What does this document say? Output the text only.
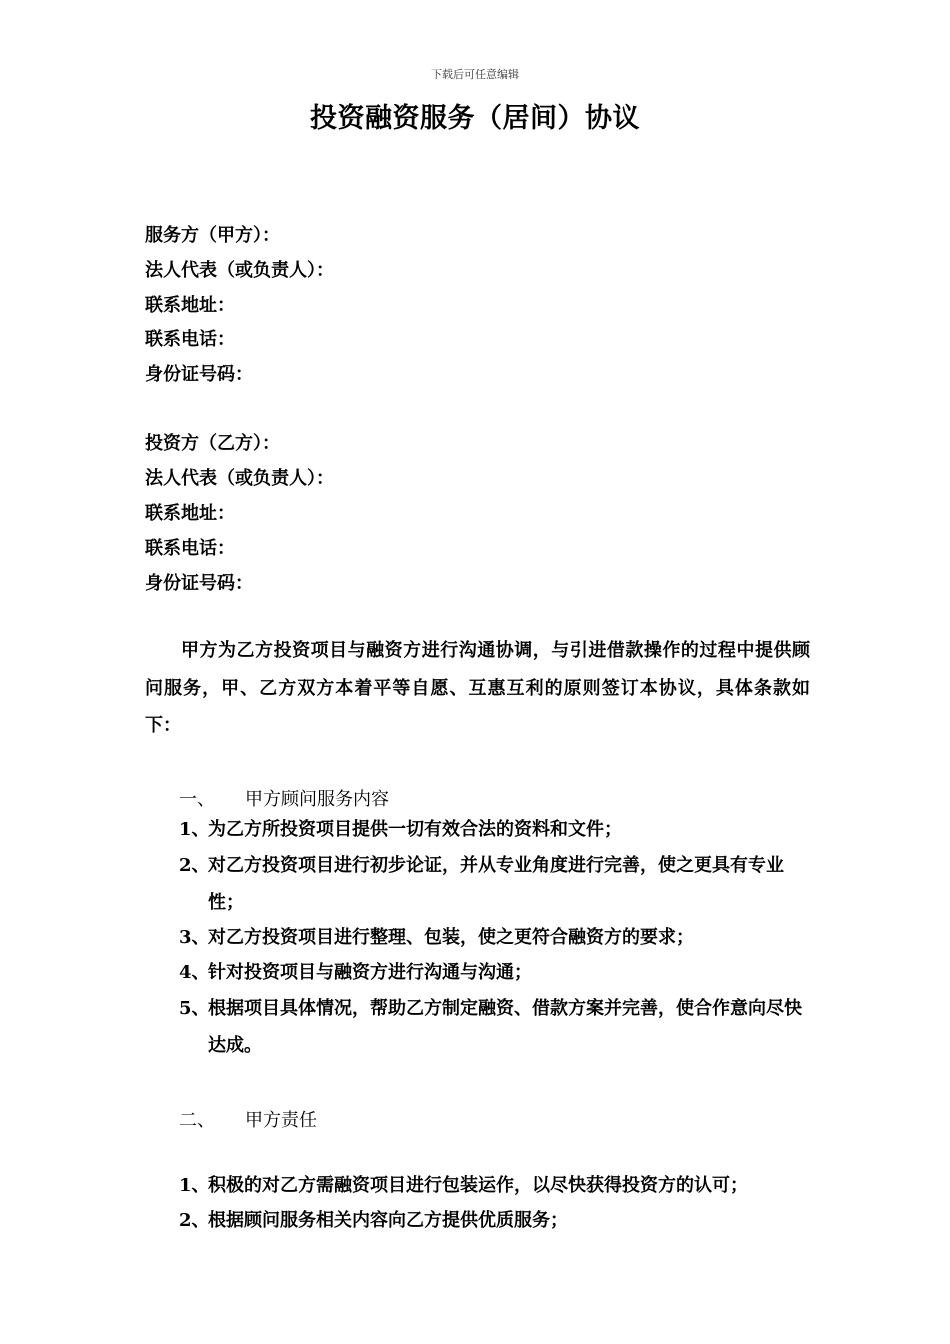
下载后可任意编辑
投资融资服务（居间）协议
服务方（甲方）：
法人代表（或负责人）：
联系地址：
联系电话：
身份证号码：
投资方（乙方）：
法人代表（或负责人）：
联系地址：
联系电话：
身份证号码：
甲方为乙方投资项目与融资方进行沟通协调，与引进借款操作的过程中提供顾问服务，甲、乙方双方本着平等自愿、互惠互利的原则签订本协议，具体条款如下：
一、 甲方顾问服务内容
1、
为乙方所投资项目提供一切有效合法的资料和文件；
2、
对乙方投资项目进行初步论证，并从专业角度进行完善，使之更具有专业性；
3、
对乙方投资项目进行整理、包装，使之更符合融资方的要求；
4、
针对投资项目与融资方进行沟通与沟通；
5、
根据项目具体情况，帮助乙方制定融资、借款方案并完善，使合作意向尽快达成。
二、 甲方责任
1、
积极的对乙方需融资项目进行包装运作，以尽快获得投资方的认可；
2、
根据顾问服务相关内容向乙方提供优质服务；
